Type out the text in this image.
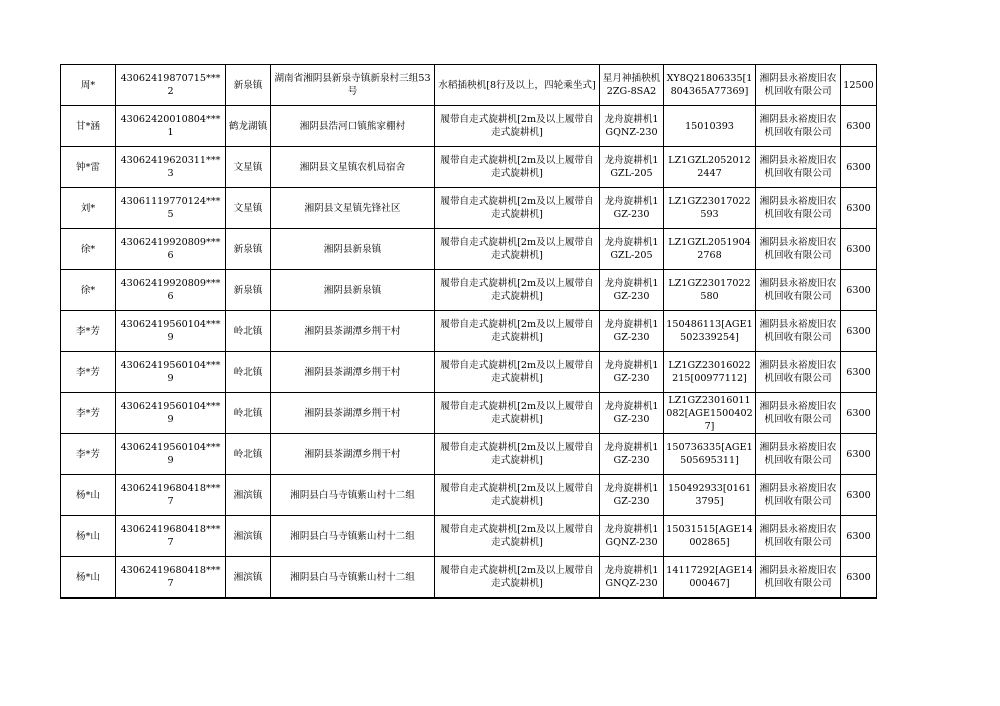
周*	43062419870715***2	新泉镇	湖南省湘阴县新泉寺镇新泉村三组53号	水稻插秧机[8行及以上，四轮乘坐式]	星月神插秧机2ZG-8SA2	XY8Q21806335[1804365A77369]	湘阴县永裕废旧农机回收有限公司	12500
甘*涵	43062420010804***1	鹤龙湖镇	湘阴县浩河口镇熊家棚村	履带自走式旋耕机[2m及以上履带自走式旋耕机]	龙舟旋耕机1GQNZ-230	15010393	湘阴县永裕废旧农机回收有限公司	6300
钟*雷	43062419620311***3	文星镇	湘阴县文星镇农机局宿舍	履带自走式旋耕机[2m及以上履带自走式旋耕机]	龙舟旋耕机1GZL-205	LZ1GZL20520122447	湘阴县永裕废旧农机回收有限公司	6300
刘*	43061119770124***5	文星镇	湘阴县文星镇先锋社区	履带自走式旋耕机[2m及以上履带自走式旋耕机]	龙舟旋耕机1GZ-230	LZ1GZ23017022593	湘阴县永裕废旧农机回收有限公司	6300
徐*	43062419920809***6	新泉镇	湘阴县新泉镇	履带自走式旋耕机[2m及以上履带自走式旋耕机]	龙舟旋耕机1GZL-205	LZ1GZL20519042768	湘阴县永裕废旧农机回收有限公司	6300
徐*	43062419920809***6	新泉镇	湘阴县新泉镇	履带自走式旋耕机[2m及以上履带自走式旋耕机]	龙舟旋耕机1GZ-230	LZ1GZ23017022580	湘阴县永裕废旧农机回收有限公司	6300
李*芳	43062419560104***9	岭北镇	湘阴县茶湖潭乡荆干村	履带自走式旋耕机[2m及以上履带自走式旋耕机]	龙舟旋耕机1GZ-230	150486113[AGE1502339254]	湘阴县永裕废旧农机回收有限公司	6300
李*芳	43062419560104***9	岭北镇	湘阴县茶湖潭乡荆干村	履带自走式旋耕机[2m及以上履带自走式旋耕机]	龙舟旋耕机1GZ-230	LZ1GZ23016022215[00977112]	湘阴县永裕废旧农机回收有限公司	6300
李*芳	43062419560104***9	岭北镇	湘阴县茶湖潭乡荆干村	履带自走式旋耕机[2m及以上履带自走式旋耕机]	龙舟旋耕机1GZ-230	LZ1GZ23016011082[AGE15004027]	湘阴县永裕废旧农机回收有限公司	6300
李*芳	43062419560104***9	岭北镇	湘阴县茶湖潭乡荆干村	履带自走式旋耕机[2m及以上履带自走式旋耕机]	龙舟旋耕机1GZ-230	150736335[AGE1505695311]	湘阴县永裕废旧农机回收有限公司	6300
杨*山	43062419680418***7	湘滨镇	湘阴县白马寺镇紫山村十二组	履带自走式旋耕机[2m及以上履带自走式旋耕机]	龙舟旋耕机1GZ-230	150492933[01613795]	湘阴县永裕废旧农机回收有限公司	6300
杨*山	43062419680418***7	湘滨镇	湘阴县白马寺镇紫山村十二组	履带自走式旋耕机[2m及以上履带自走式旋耕机]	龙舟旋耕机1GQNZ-230	15031515[AGE14002865]	湘阴县永裕废旧农机回收有限公司	6300
杨*山	43062419680418***7	湘滨镇	湘阴县白马寺镇紫山村十二组	履带自走式旋耕机[2m及以上履带自走式旋耕机]	龙舟旋耕机1GNQZ-230	14117292[AGE14000467]	湘阴县永裕废旧农机回收有限公司	6300
